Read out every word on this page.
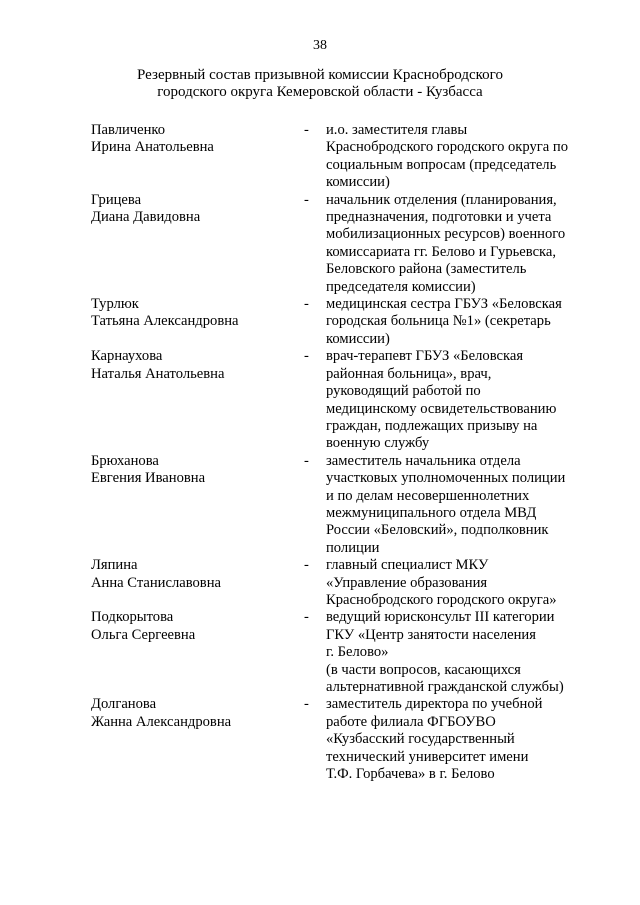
38
Резервный состав призывной комиссии Краснобродского
городского округа Кемеровской области - Кузбасса
Павличенко
Ирина Анатольевна
-	и.о. заместителя главы
Краснобродского городского округа по
социальным вопросам (председатель
комиссии)
Грицева
Диана Давидовна
-	начальник отделения (планирования,
предназначения, подготовки и учета
мобилизационных ресурсов) военного
комиссариата гг. Белово и Гурьевска,
Беловского района (заместитель
председателя комиссии)
Турлюк
Татьяна Александровна
-	медицинская сестра ГБУЗ «Беловская
городская больница №1» (секретарь
комиссии)
Карнаухова
Наталья Анатольевна
-	врач-терапевт ГБУЗ «Беловская
районная больница», врач,
руководящий работой по
медицинскому освидетельствованию
граждан, подлежащих призыву на
военную службу
Брюханова
Евгения Ивановна
-	заместитель начальника отдела
участковых уполномоченных полиции
и по делам несовершеннолетних
межмуниципального отдела МВД
России «Беловский», подполковник
полиции
Ляпина
Анна Станиславовна
-	главный специалист МКУ
«Управление образования
Краснобродского городского округа»
Подкорытова
Ольга Сергеевна
-	ведущий юрисконсульт III категории
ГКУ «Центр занятости населения
г. Белово»
(в части вопросов, касающихся
альтернативной гражданской службы)
Долганова
Жанна Александровна
-	заместитель директора по учебной
работе филиала ФГБОУВО
«Кузбасский государственный
технический университет имени
Т.Ф. Горбачева» в г. Белово
